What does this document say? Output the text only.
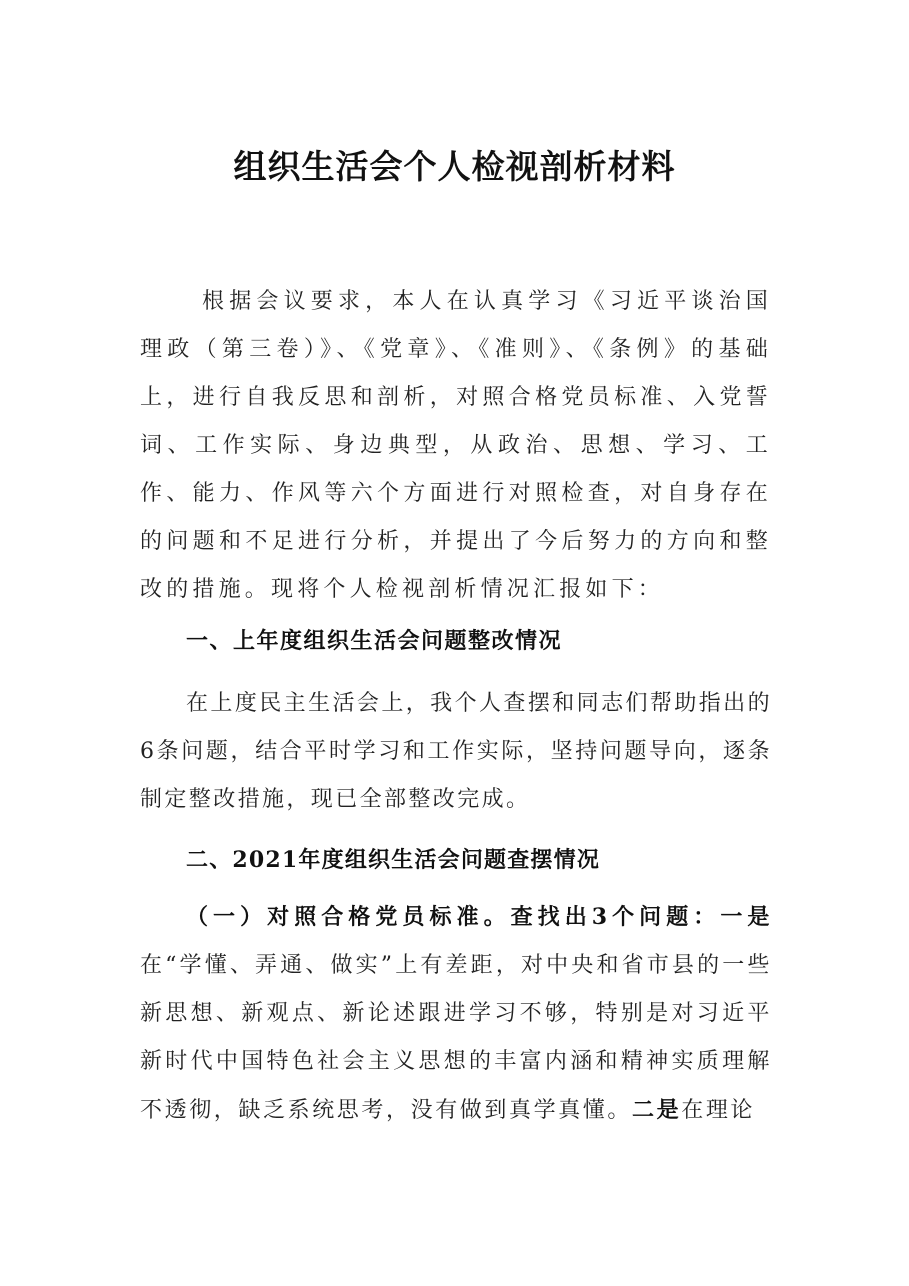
组织生活会个人检视剖析材料
根据会议要求，本人在认真学习《习近平谈治国理政（第三卷）》、《党章》、《准则》、《条例》的基础上，进行自我反思和剖析，对照合格党员标准、入党誓词、工作实际、身边典型，从政治、思想、学习、工作、能力、作风等六个方面进行对照检查，对自身存在的问题和不足进行分析，并提出了今后努力的方向和整改的措施。现将个人检视剖析情况汇报如下：
一、上年度组织生活会问题整改情况
在上度民主生活会上，我个人查摆和同志们帮助指出的6条问题，结合平时学习和工作实际，坚持问题导向，逐条制定整改措施，现已全部整改完成。
二、2021年度组织生活会问题查摆情况
（一）对照合格党员标准。查找出3个问题：一是在“学懂、弄通、做实”上有差距，对中央和省市县的一些新思想、新观点、新论述跟进学习不够，特别是对习近平新时代中国特色社会主义思想的丰富内涵和精神实质理解不透彻，缺乏系统思考，没有做到真学真懂。二是在理论
